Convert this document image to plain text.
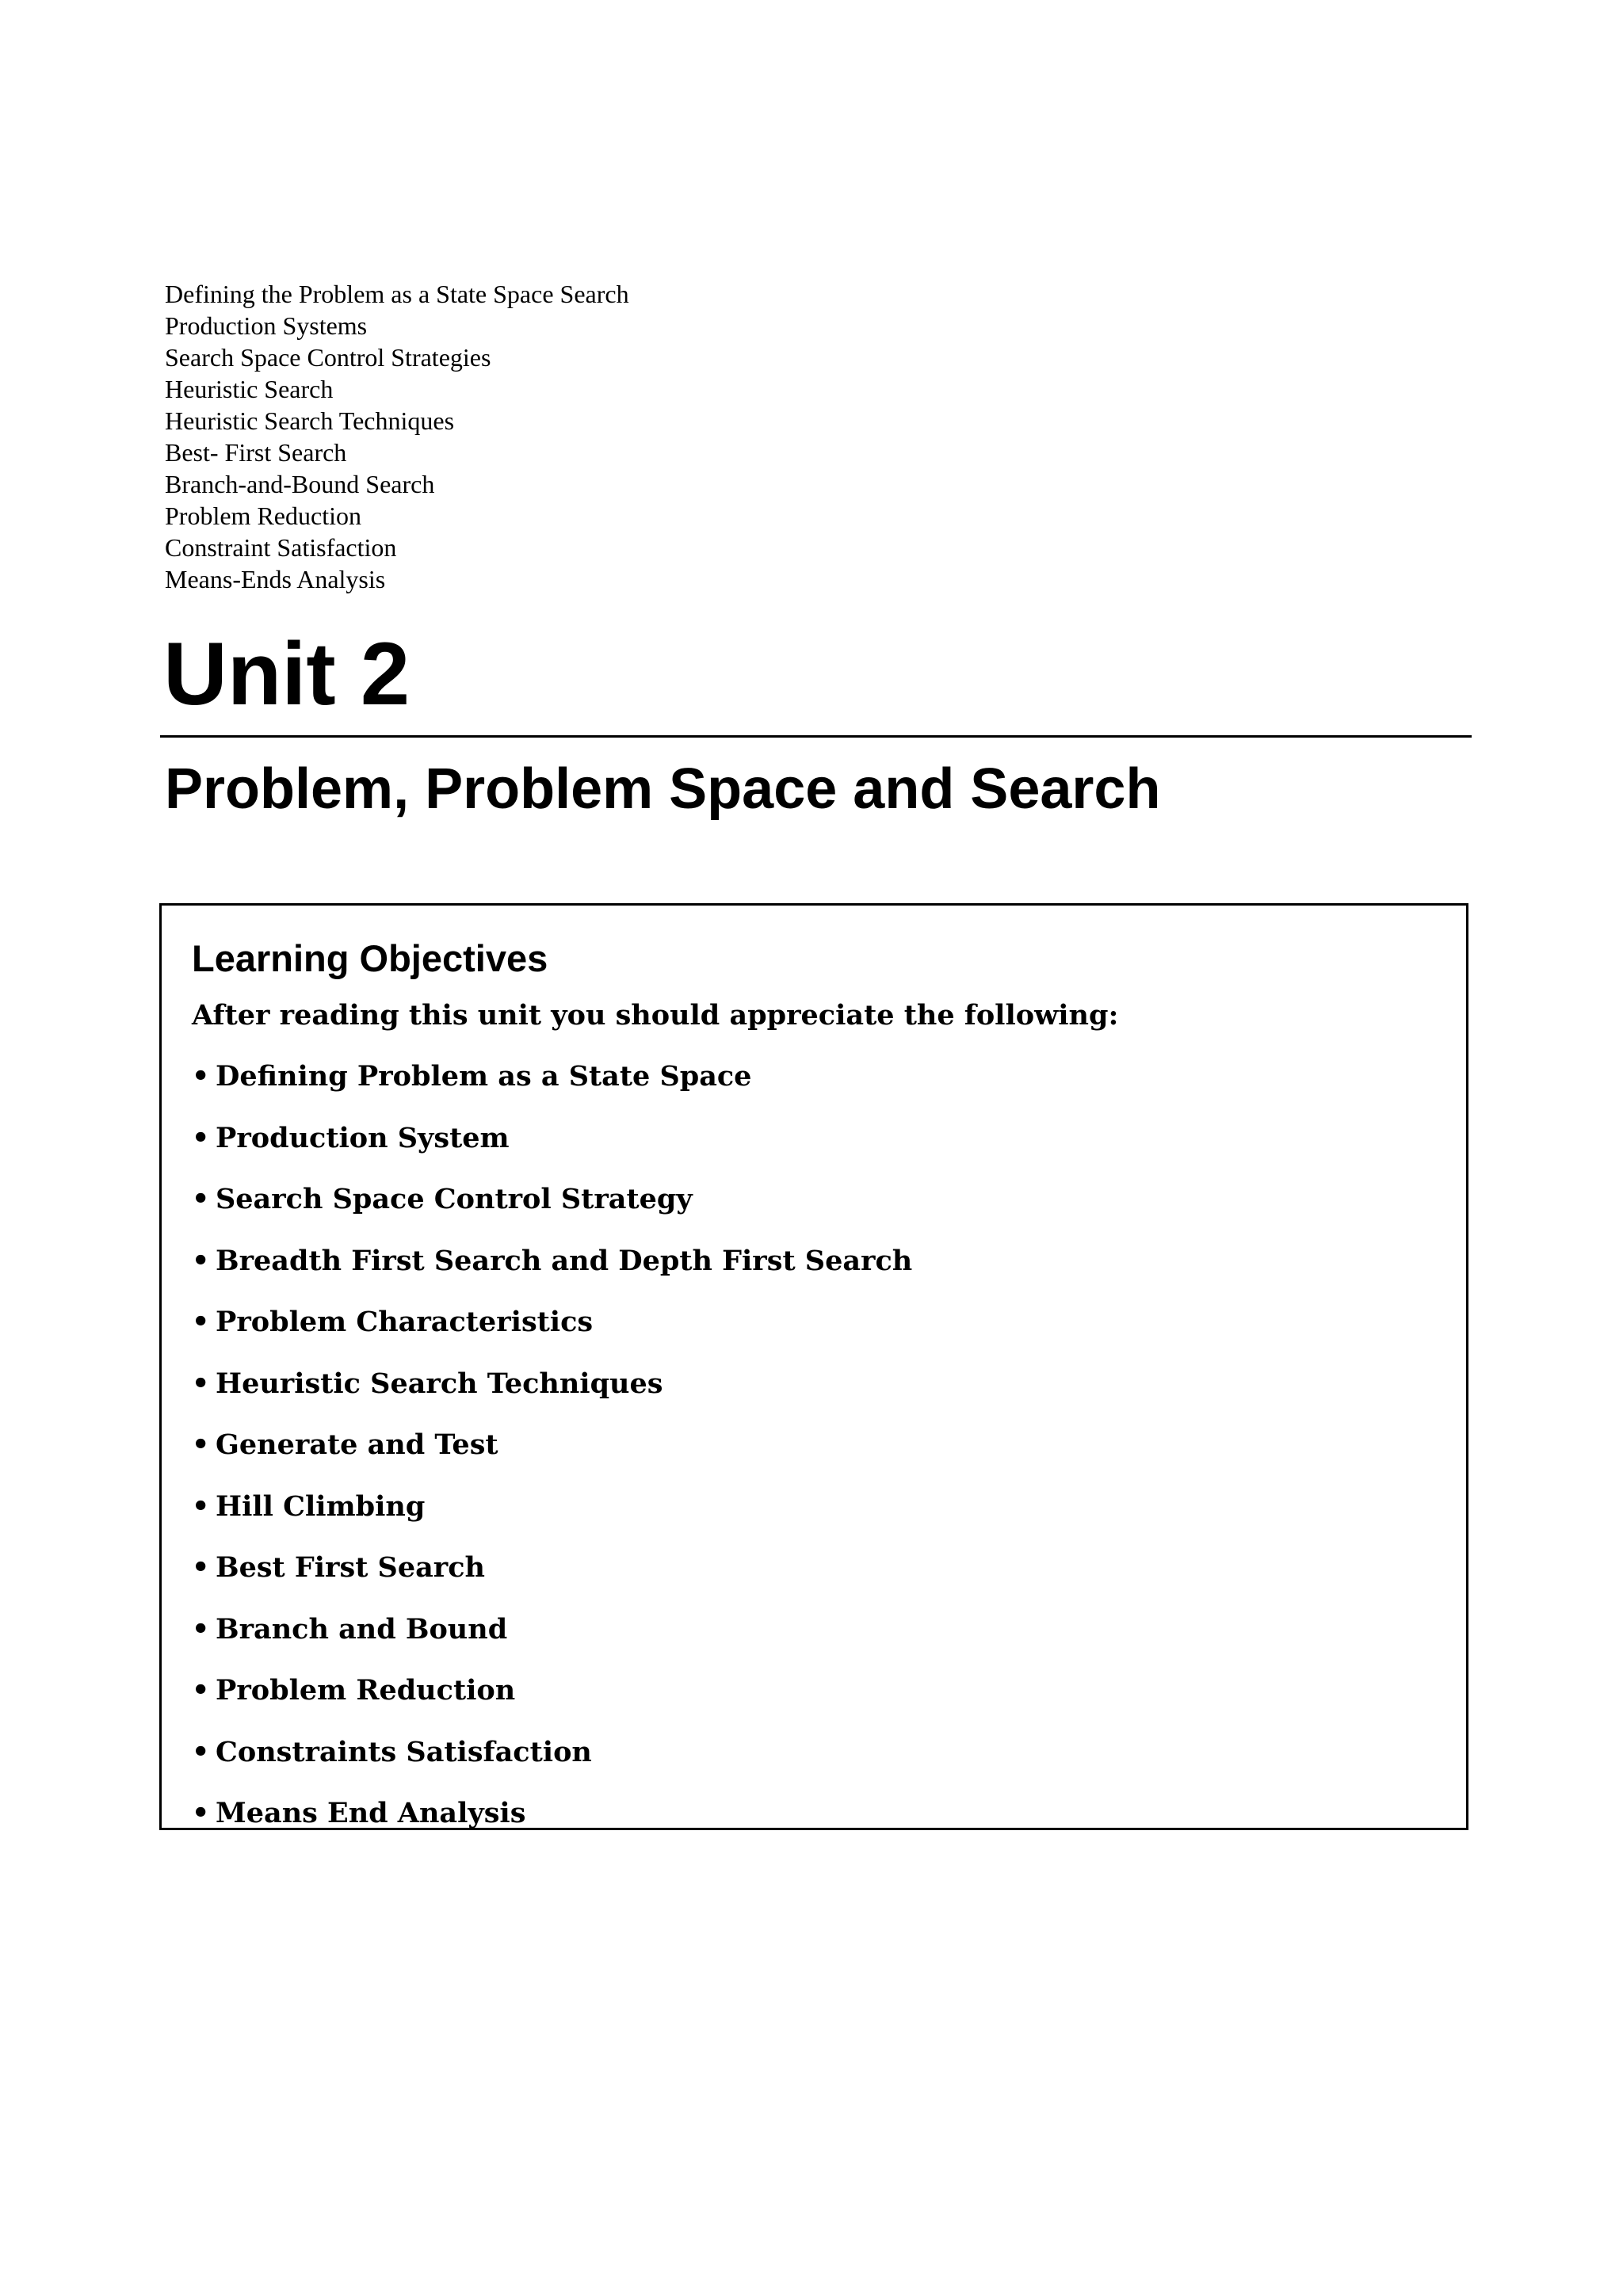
Defining the Problem as a State Space Search
Production Systems
Search Space Control Strategies
Heuristic Search
Heuristic Search Techniques
Best- First Search
Branch-and-Bound Search
Problem Reduction
Constraint Satisfaction
Means-Ends Analysis
Unit 2
Problem, Problem Space and Search
Learning Objectives

After reading this unit you should appreciate the following:

• Defining Problem as a State Space
• Production System
• Search Space Control Strategy
• Breadth First Search and Depth First Search
• Problem Characteristics
• Heuristic Search Techniques
• Generate and Test
• Hill Climbing
• Best First Search
• Branch and Bound
• Problem Reduction
• Constraints Satisfaction
• Means End Analysis
